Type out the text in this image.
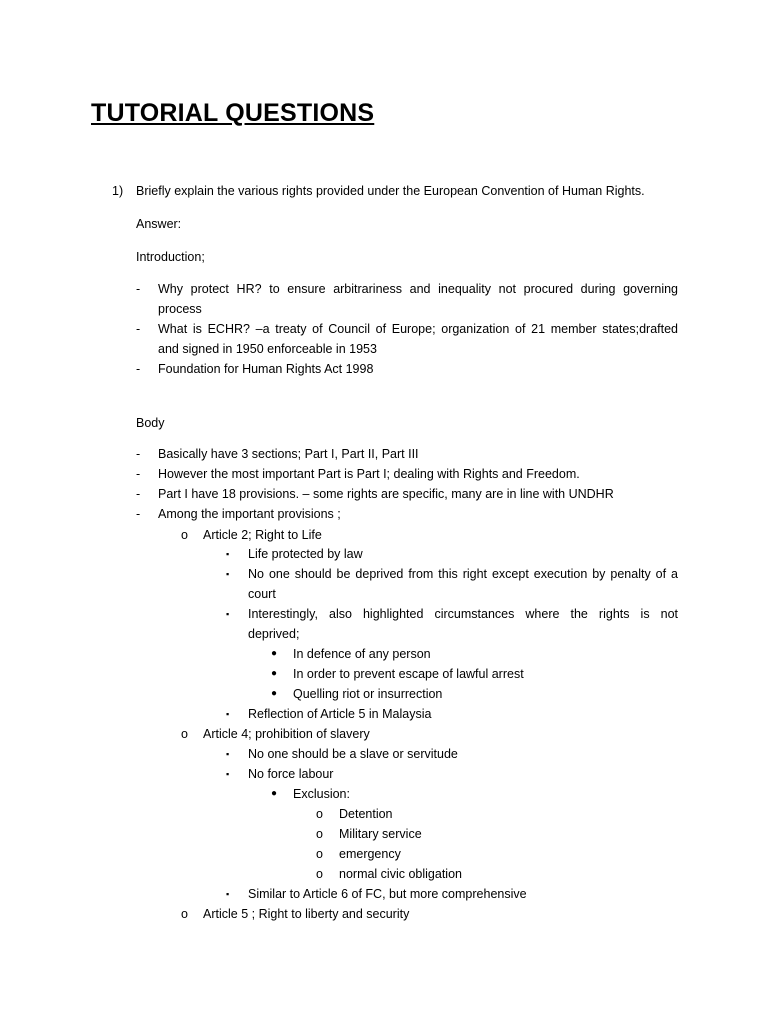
TUTORIAL QUESTIONS
1) Briefly explain the various rights provided under the European Convention of Human Rights.
Answer:
Introduction;
- Why protect HR? to ensure arbitrariness and inequality not procured during governing
process
- What is ECHR? –a treaty of Council of Europe; organization of 21 member states;drafted
and signed in 1950 enforceable in 1953
- Foundation for Human Rights Act 1998
Body
- Basically have 3 sections; Part I, Part II, Part III
- However the most important Part is Part I; dealing with Rights and Freedom.
- Part I have 18 provisions. – some rights are specific, many are in line with UNDHR
- Among the important provisions ;
o Article 2; Right to Life
▪ Life protected by law
▪ No one should be deprived from this right except execution by penalty of a
court
▪ Interestingly, also highlighted circumstances where the rights is not
deprived;
● In defence of any person
● In order to prevent escape of lawful arrest
● Quelling riot or insurrection
▪ Reflection of Article 5 in Malaysia
o Article 4; prohibition of slavery
▪ No one should be a slave or servitude
▪ No force labour
● Exclusion:
o Detention
o Military service
o emergency
o normal civic obligation
▪ Similar to Article 6 of FC, but more comprehensive
o Article 5 ; Right to liberty and security
